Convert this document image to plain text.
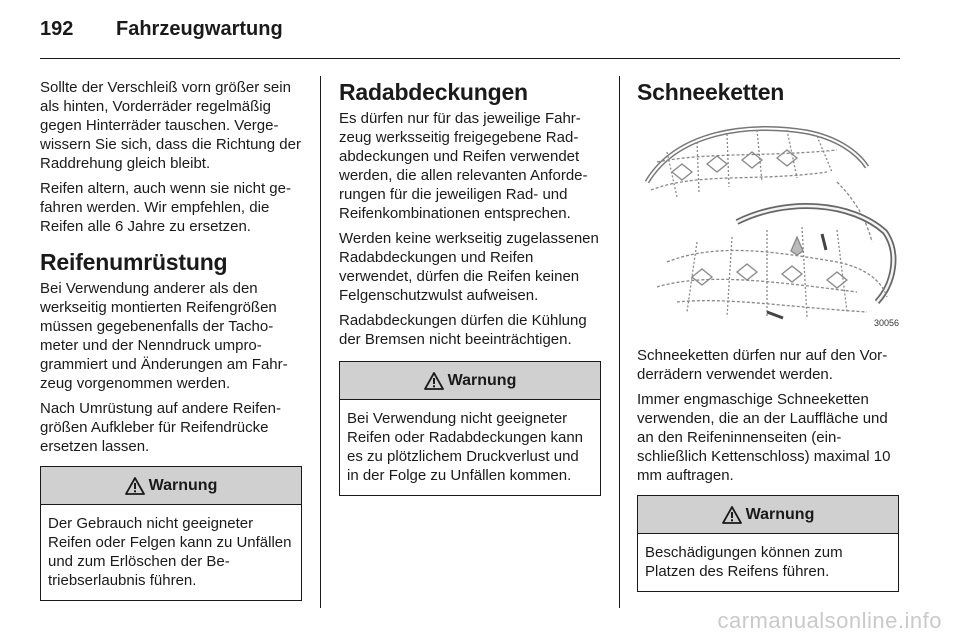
192	Fahrzeugwartung

Sollte der Verschleiß vorn größer sein als hinten, Vorderräder regelmäßig gegen Hinterräder tauschen. Vergewissern Sie sich, dass die Richtung der Raddrehung gleich bleibt.

Reifen altern, auch wenn sie nicht gefahren werden. Wir empfehlen, die Reifen alle 6 Jahre zu ersetzen.

Reifenumrüstung

Bei Verwendung anderer als den werkseitig montierten Reifengrößen müssen gegebenenfalls der Tachometer und der Nenndruck umprogrammiert und Änderungen am Fahrzeug vorgenommen werden.

Nach Umrüstung auf andere Reifengrößen Aufkleber für Reifendrücke ersetzen lassen.

Warnung
Der Gebrauch nicht geeigneter Reifen oder Felgen kann zu Unfällen und zum Erlöschen der Betriebserlaubnis führen.
Radabdeckungen

Es dürfen nur für das jeweilige Fahrzeug werksseitig freigegebene Radabdeckungen und Reifen verwendet werden, die allen relevanten Anforderungen für die jeweiligen Rad- und Reifenkombinationen entsprechen.

Werden keine werkseitig zugelassenen Radabdeckungen und Reifen verwendet, dürfen die Reifen keinen Felgenschutzwulst aufweisen.

Radabdeckungen dürfen die Kühlung der Bremsen nicht beeinträchtigen.

Warnung
Bei Verwendung nicht geeigneter Reifen oder Radabdeckungen kann es zu plötzlichem Druckverlust und in der Folge zu Unfällen kommen.
Schneeketten
30056

Schneeketten dürfen nur auf den Vorderrädern verwendet werden.

Immer engmaschige Schneeketten verwenden, die an der Lauffläche und an den Reifeninnenseiten (einschließlich Kettenschloss) maximal 10 mm auftragen.

Warnung
Beschädigungen können zum Platzen des Reifens führen.
carmanualsonline.info
